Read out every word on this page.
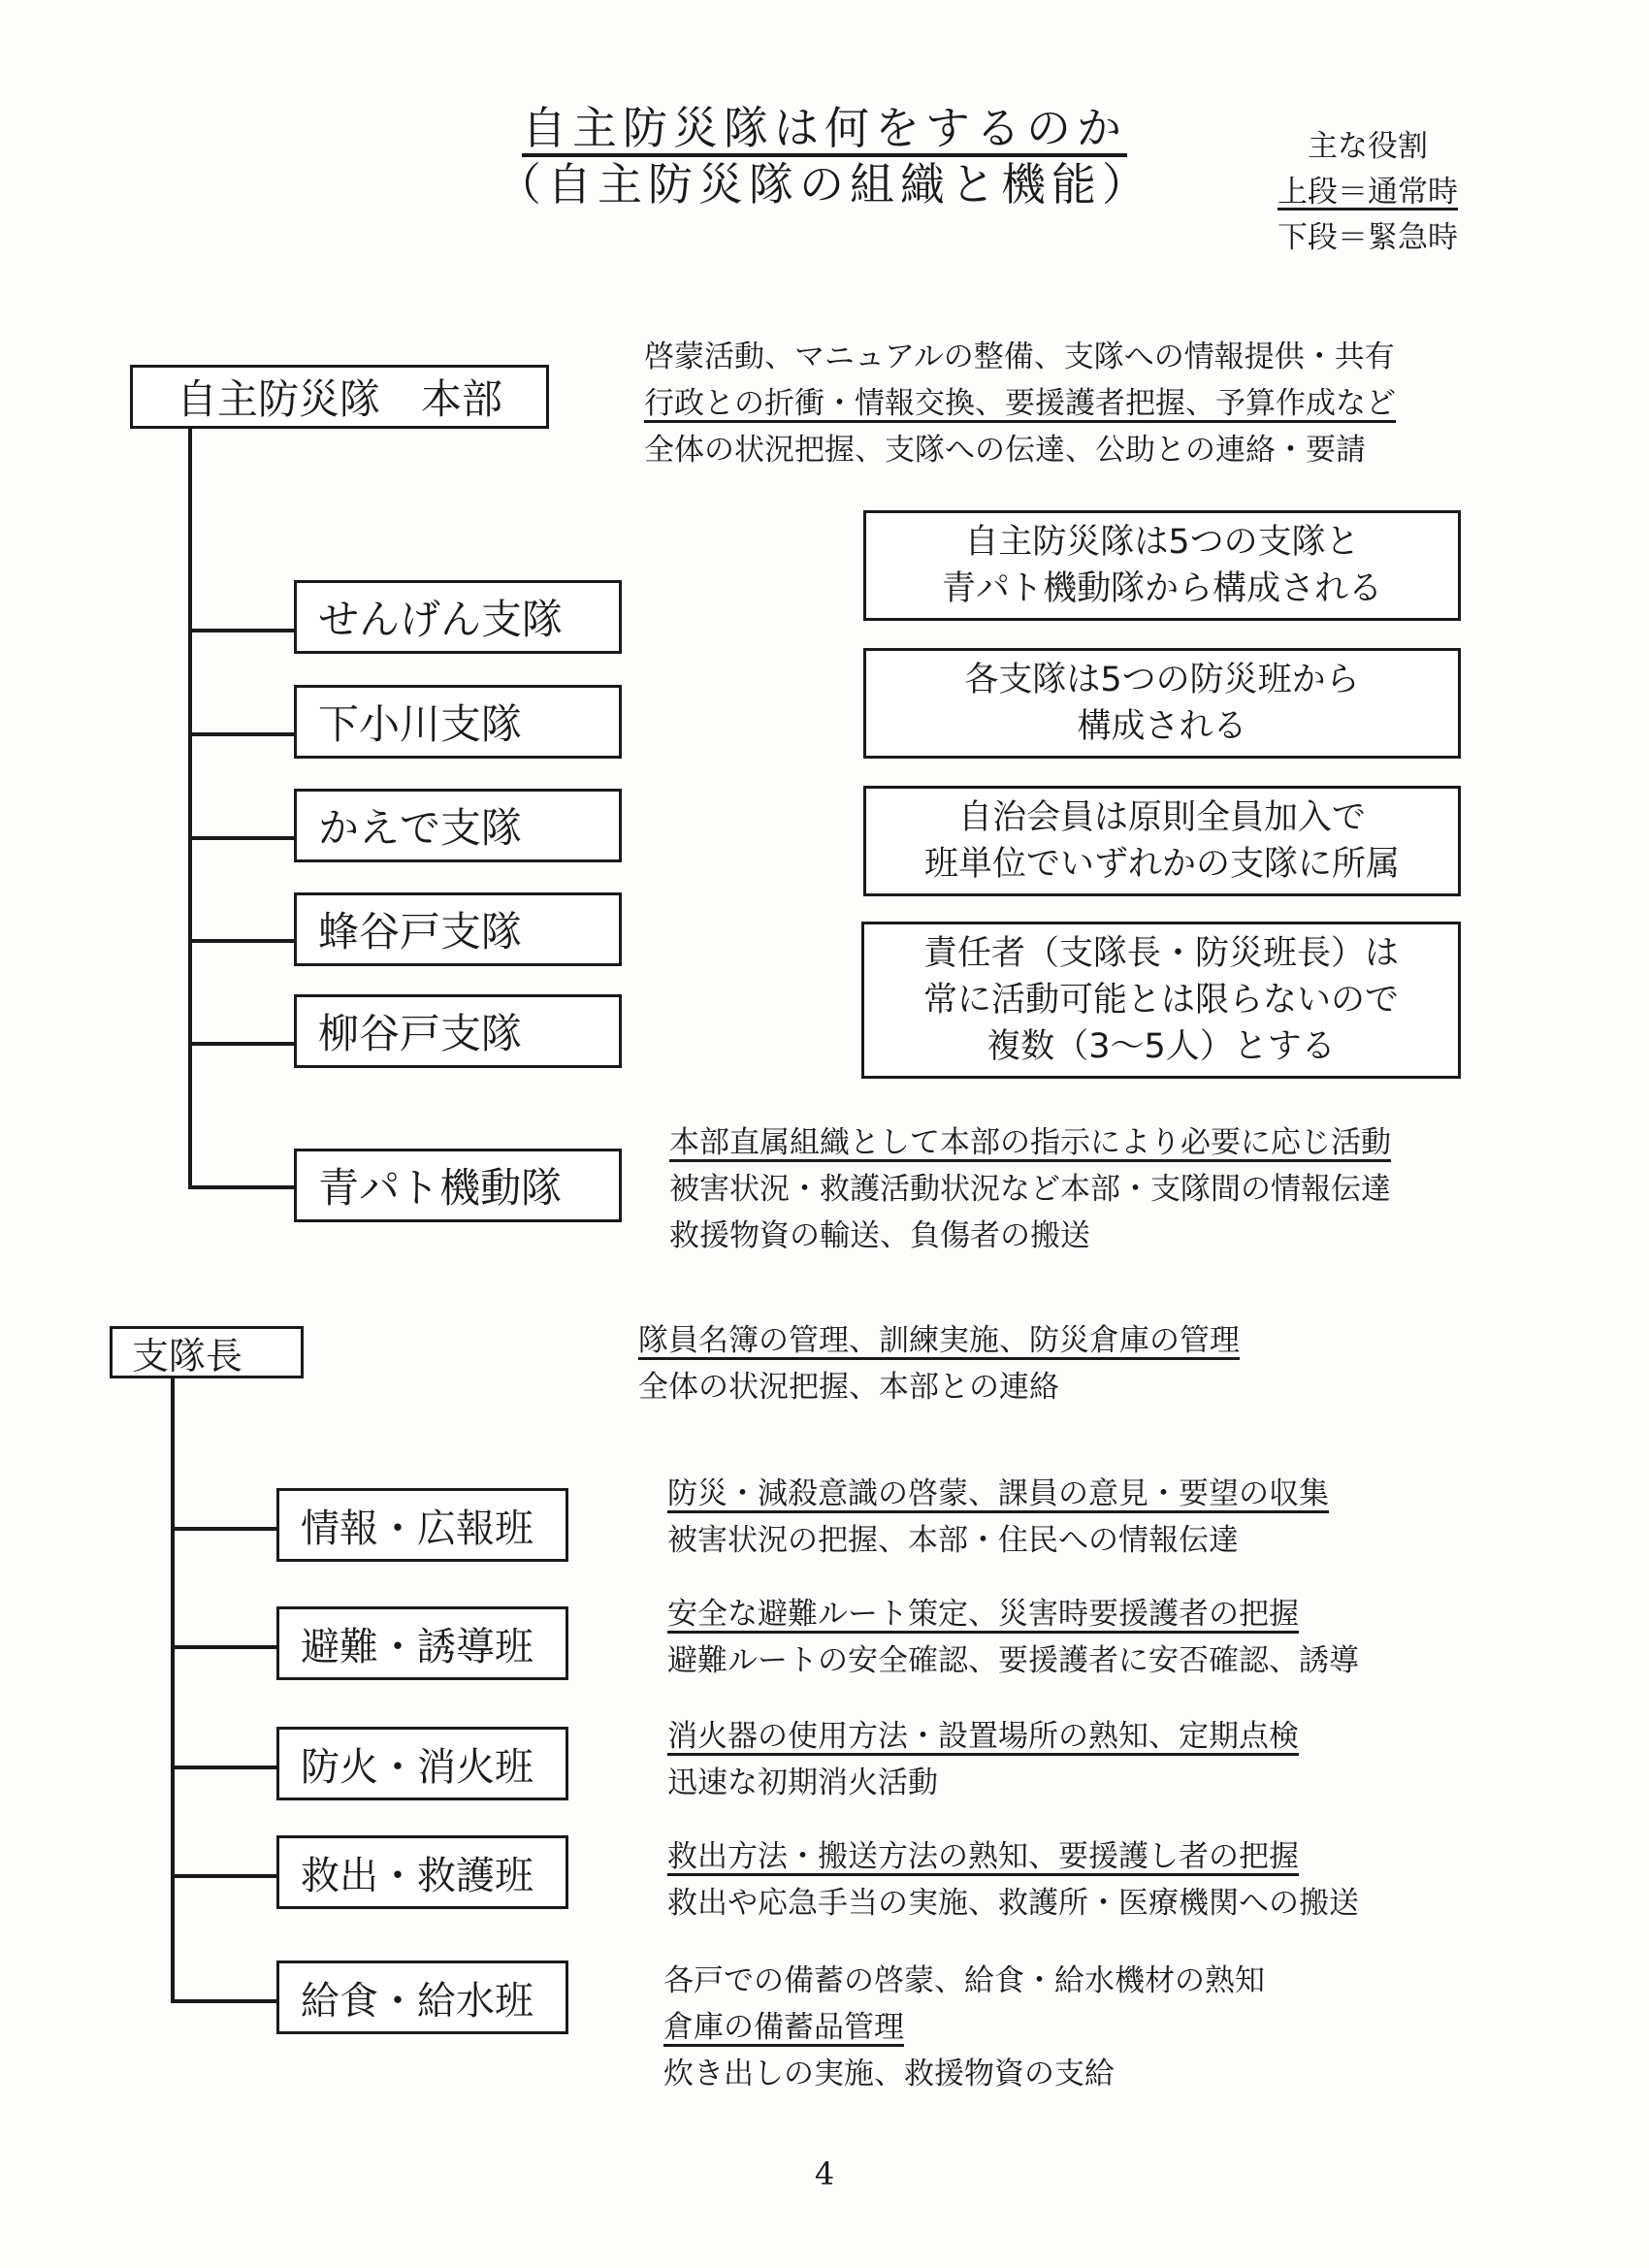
自主防災隊は何をするのか
（自主防災隊の組織と機能）
主な役割
上段＝通常時
下段＝緊急時
自主防災隊　本部
啓蒙活動、マニュアルの整備、支隊への情報提供・共有
行政との折衝・情報交換、要援護者把握、予算作成など
全体の状況把握、支隊への伝達、公助との連絡・要請
せんげん支隊
下小川支隊
かえで支隊
蜂谷戸支隊
柳谷戸支隊
青パト機動隊
自主防災隊は5つの支隊と
青パト機動隊から構成される
各支隊は5つの防災班から
構成される
自治会員は原則全員加入で
班単位でいずれかの支隊に所属
責任者（支隊長・防災班長）は
常に活動可能とは限らないので
複数（3～5人）とする
本部直属組織として本部の指示により必要に応じ活動
被害状況・救護活動状況など本部・支隊間の情報伝達
救援物資の輸送、負傷者の搬送
支隊長	隊員名簿の管理、訓練実施、防災倉庫の管理
全体の状況把握、本部との連絡
情報・広報班
避難・誘導班
防火・消火班
救出・救護班
給食・給水班
防災・減殺意識の啓蒙、課員の意見・要望の収集
被害状況の把握、本部・住民への情報伝達
安全な避難ルート策定、災害時要援護者の把握
避難ルートの安全確認、要援護者に安否確認、誘導
消火器の使用方法・設置場所の熟知、定期点検
迅速な初期消火活動
救出方法・搬送方法の熟知、要援護し者の把握
救出や応急手当の実施、救護所・医療機関への搬送
各戸での備蓄の啓蒙、給食・給水機材の熟知
倉庫の備蓄品管理
炊き出しの実施、救援物資の支給
4
